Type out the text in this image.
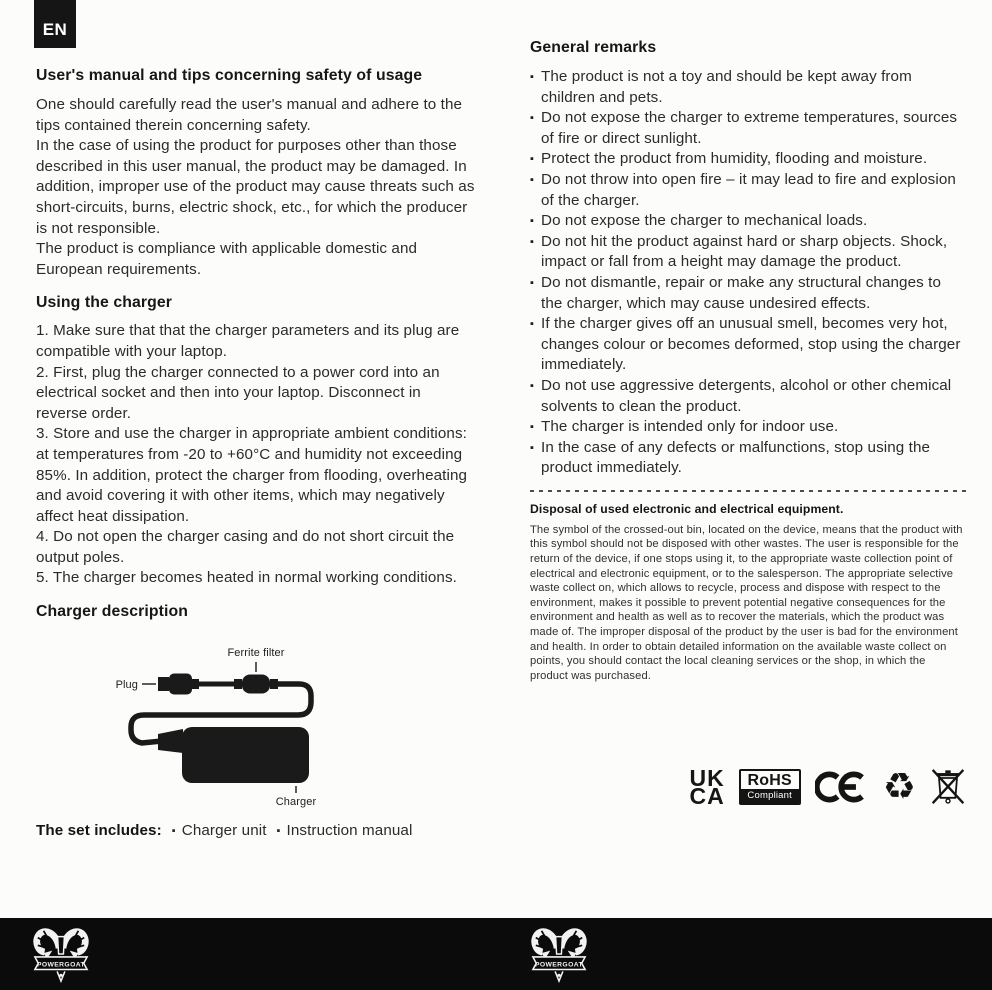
EN
User's manual and tips concerning safety of usage
One should carefully read the user's manual and adhere to the tips contained therein concerning safety.
In the case of using the product for purposes other than those described in this user manual, the product may be damaged. In addition, improper use of the product may cause threats such as short-circuits, burns, electric shock, etc., for which the producer is not responsible.
The product is compliance with applicable domestic and European requirements.
Using the charger
1. Make sure that that the charger parameters and its plug are compatible with your laptop.
2. First, plug the charger connected to a power cord into an electrical socket and then into your laptop. Disconnect in reverse order.
3. Store and use the charger in appropriate ambient conditions: at temperatures from -20 to +60°C and humidity not exceeding 85%. In addition, protect the charger from flooding, overheating and avoid covering it with other items, which may negatively affect heat dissipation.
4. Do not open the charger casing and do not short circuit the output poles.
5. The charger becomes heated in normal working conditions.
Charger description
Ferrite filter
Plug
Charger
The set includes: ▪ Charger unit ▪ Instruction manual
General remarks
▪ The product is not a toy and should be kept away from children and pets.
▪ Do not expose the charger to extreme temperatures, sources of fire or direct sunlight.
▪ Protect the product from humidity, flooding and moisture.
▪ Do not throw into open fire – it may lead to fire and explosion of the charger.
▪ Do not expose the charger to mechanical loads.
▪ Do not hit the product against hard or sharp objects. Shock, impact or fall from a height may damage the product.
▪ Do not dismantle, repair or make any structural changes to the charger, which may cause undesired effects.
▪ If the charger gives off an unusual smell, becomes very hot, changes colour or becomes deformed, stop using the charger immediately.
▪ Do not use aggressive detergents, alcohol or other chemical solvents to clean the product.
▪ The charger is intended only for indoor use.
▪ In the case of any defects or malfunctions, stop using the product immediately.
Disposal of used electronic and electrical equipment.

The symbol of the crossed-out bin, located on the device, means that the product with this symbol should not be disposed with other wastes. The user is responsible for the return of the device, if one stops using it, to the appropriate waste collection point of electrical and electronic equipment, or to the salesperson. The appropriate selective waste collect on, which allows to recycle, process and dispose with respect to the environment, makes it possible to prevent potential negative consequences for the environment and health as well as to recover the materials, which the product was made of. The improper disposal of the product by the user is bad for the environment and health. In order to obtain detailed information on the available waste collect on points, you should contact the local cleaning services or the shop, in which the product was purchased.

UK
CA
RoHS
Compliant ♻
POWERGOAT	POWERGOAT
